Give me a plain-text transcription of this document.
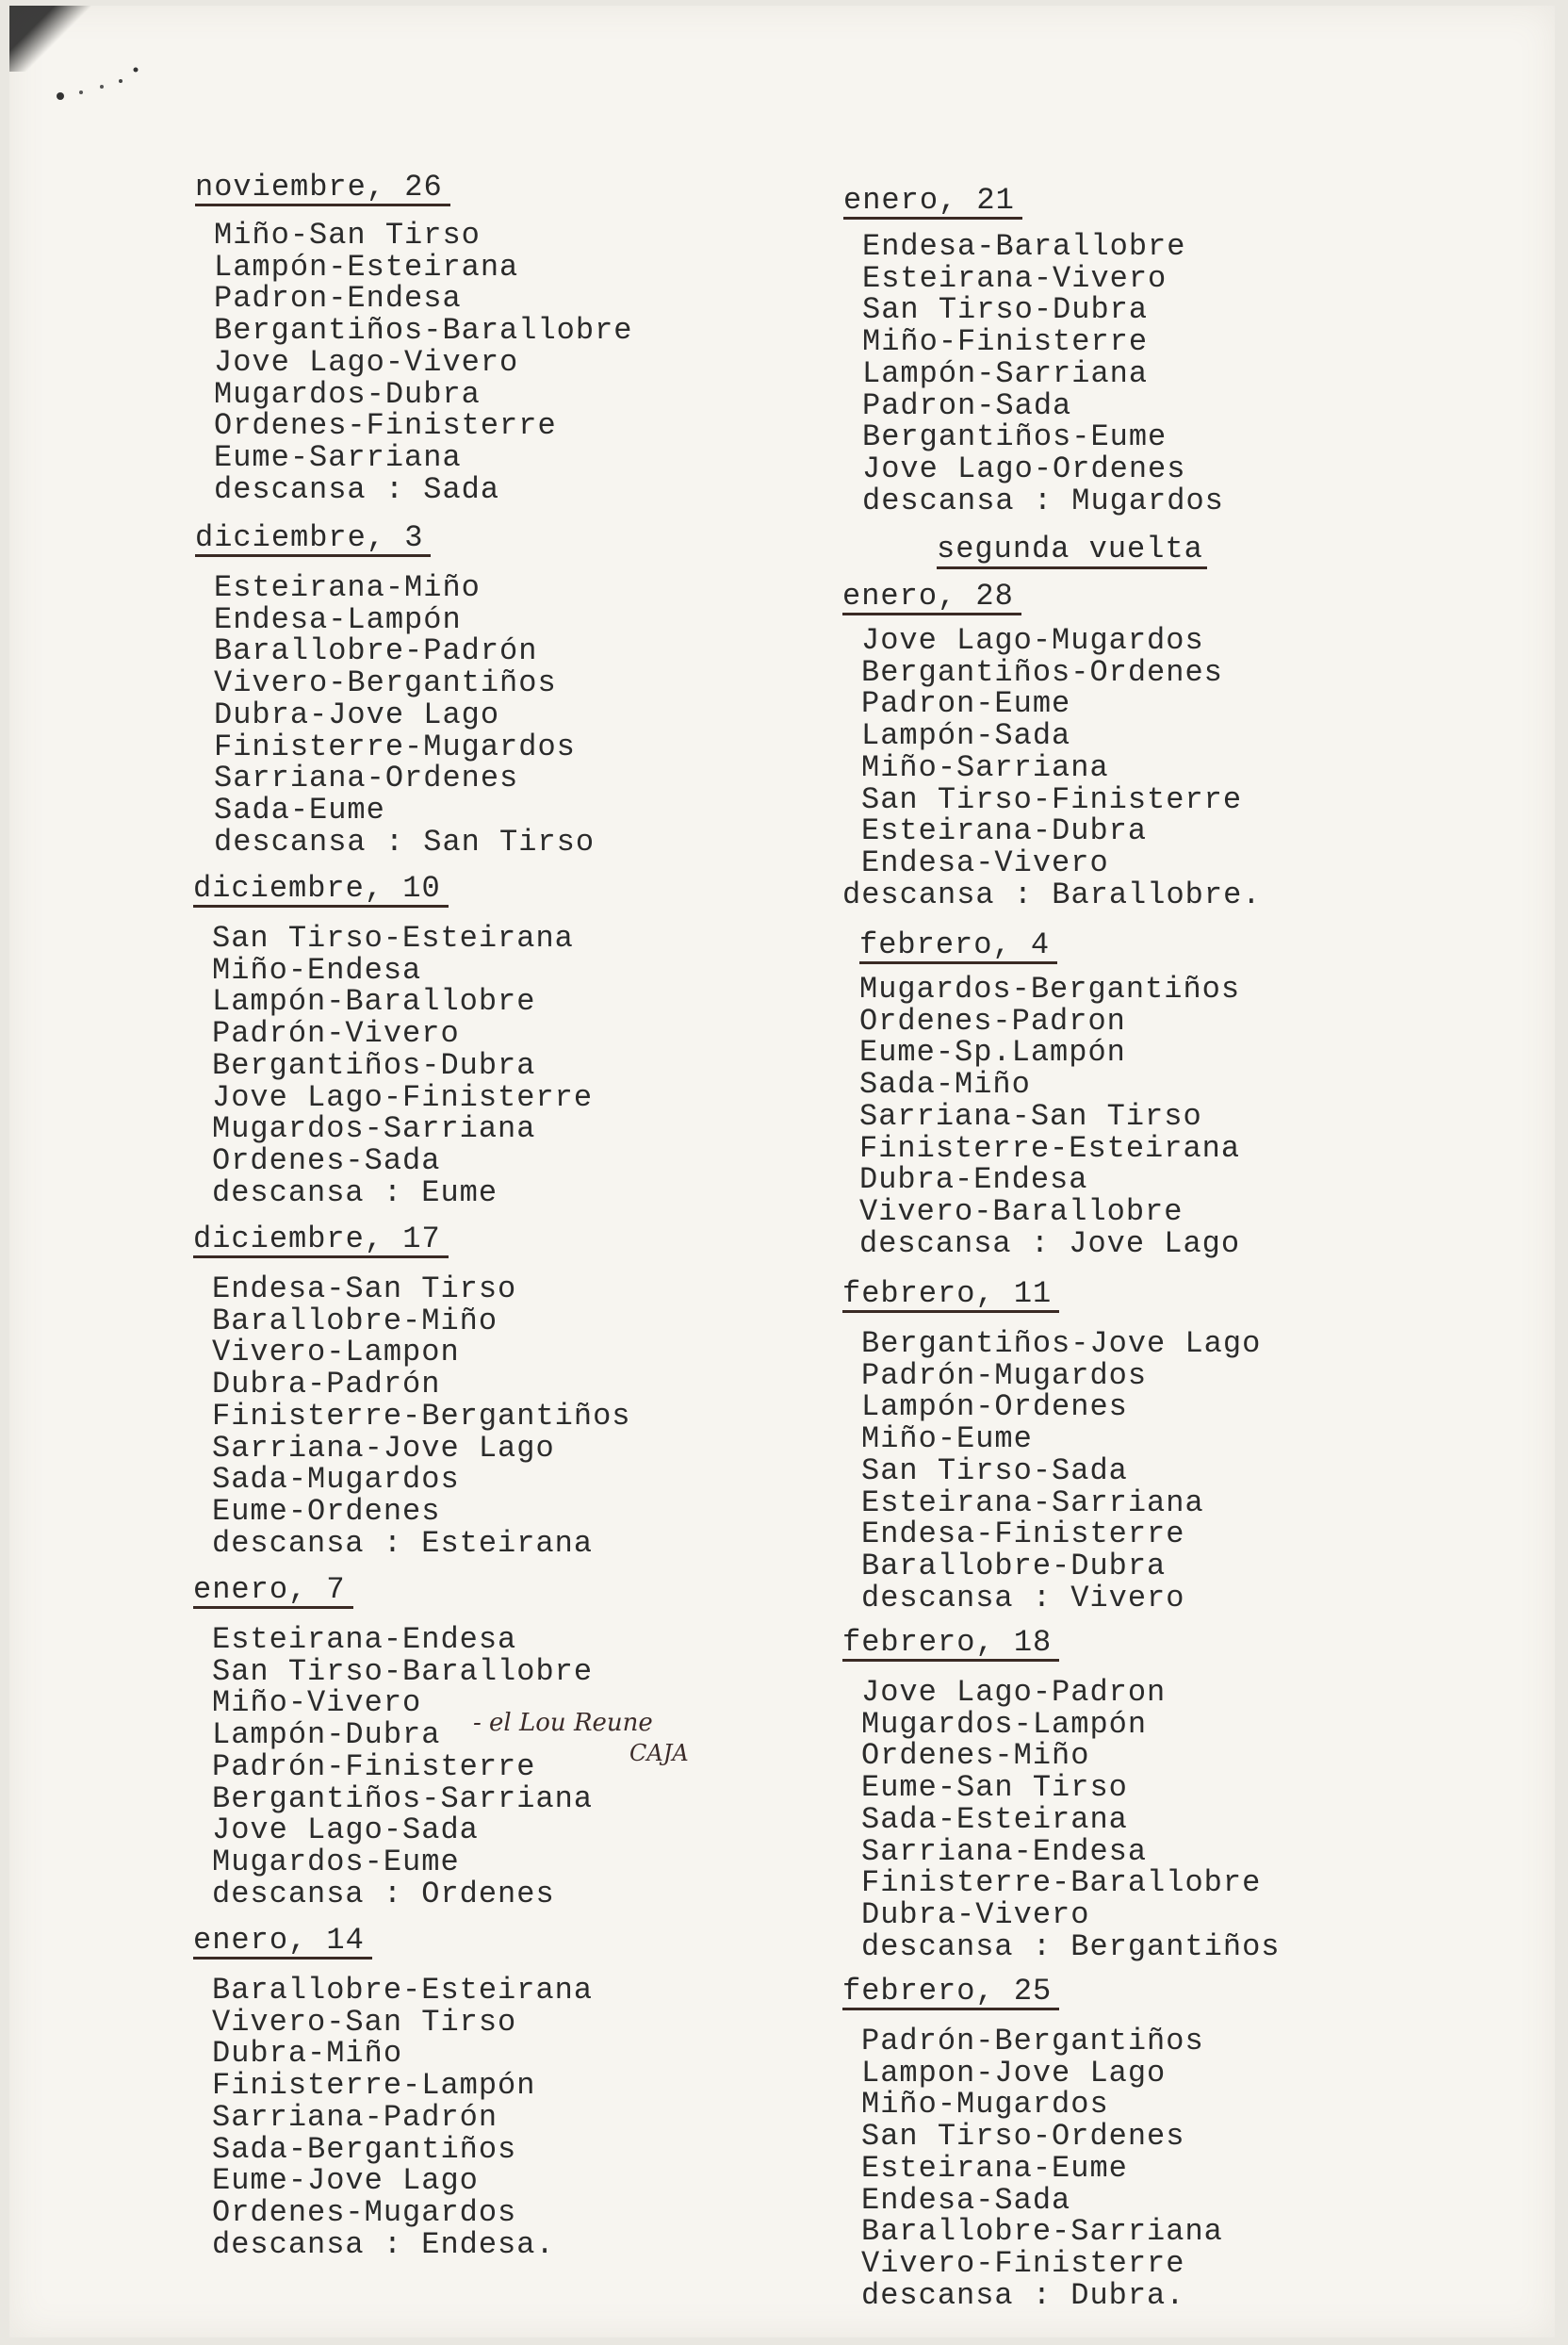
noviembre, 26
Miño-San Tirso
Lampón-Esteirana
Padron-Endesa
Bergantiños-Barallobre
Jove Lago-Vivero
Mugardos-Dubra
Ordenes-Finisterre
Eume-Sarriana
descansa : Sada
diciembre, 3
Esteirana-Miño
Endesa-Lampón
Barallobre-Padrón
Vivero-Bergantiños
Dubra-Jove Lago
Finisterre-Mugardos
Sarriana-Ordenes
Sada-Eume
descansa : San Tirso
diciembre, 10
San Tirso-Esteirana
Miño-Endesa
Lampón-Barallobre
Padrón-Vivero
Bergantiños-Dubra
Jove Lago-Finisterre
Mugardos-Sarriana
Ordenes-Sada
descansa : Eume
diciembre, 17
Endesa-San Tirso
Barallobre-Miño
Vivero-Lampon
Dubra-Padrón
Finisterre-Bergantiños
Sarriana-Jove Lago
Sada-Mugardos
Eume-Ordenes
descansa : Esteirana
enero, 7
Esteirana-Endesa
San Tirso-Barallobre
Miño-Vivero
Lampón-Dubra
Padrón-Finisterre
Bergantiños-Sarriana
Jove Lago-Sada
Mugardos-Eume
descansa : Ordenes
enero, 14
Barallobre-Esteirana
Vivero-San Tirso
Dubra-Miño
Finisterre-Lampón
Sarriana-Padrón
Sada-Bergantiños
Eume-Jove Lago
Ordenes-Mugardos
descansa : Endesa.
enero, 21
Endesa-Barallobre
Esteirana-Vivero
San Tirso-Dubra
Miño-Finisterre
Lampón-Sarriana
Padron-Sada
Bergantiños-Eume
Jove Lago-Ordenes
descansa : Mugardos
segunda vuelta
enero, 28
Jove Lago-Mugardos
Bergantiños-Ordenes
Padron-Eume
Lampón-Sada
Miño-Sarriana
San Tirso-Finisterre
Esteirana-Dubra
Endesa-Vivero
descansa : Barallobre.
febrero, 4
Mugardos-Bergantiños
Ordenes-Padron
Eume-Sp.Lampón
Sada-Miño
Sarriana-San Tirso
Finisterre-Esteirana
Dubra-Endesa
Vivero-Barallobre
descansa : Jove Lago
febrero, 11
Bergantiños-Jove Lago
Padrón-Mugardos
Lampón-Ordenes
Miño-Eume
San Tirso-Sada
Esteirana-Sarriana
Endesa-Finisterre
Barallobre-Dubra
descansa : Vivero
febrero, 18
Jove Lago-Padron
Mugardos-Lampón
Ordenes-Miño
Eume-San Tirso
Sada-Esteirana
Sarriana-Endesa
Finisterre-Barallobre
Dubra-Vivero
descansa : Bergantiños
febrero, 25
Padrón-Bergantiños
Lampon-Jove Lago
Miño-Mugardos
San Tirso-Ordenes
Esteirana-Eume
Endesa-Sada
Barallobre-Sarriana
Vivero-Finisterre
descansa : Dubra.
- el Lou Reune
CAJA
